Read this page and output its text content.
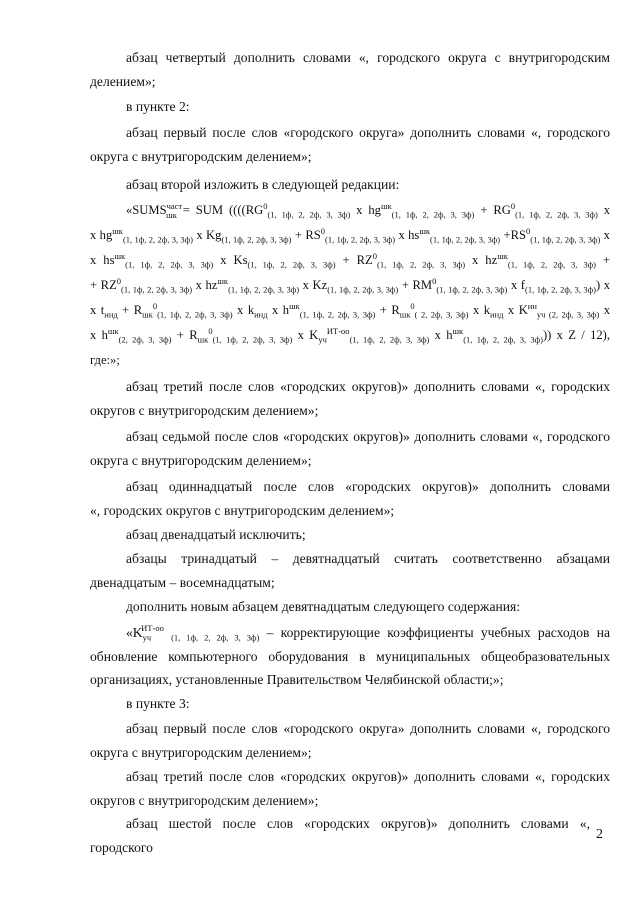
абзац четвертый дополнить словами «, городского округа с внутригородским
делением»;

в пункте 2:

абзац первый после слов «городского округа» дополнить словами «, городского
округа с внутригородским делением»;

абзац второй изложить в следующей редакции:

«$SUMS^{част}_{шк}$ = SUM (((($RG^0_{(1, 1ф, 2, 2ф, 3, 3ф)}$ x $hg^{шк}_{(1, 1ф, 2, 2ф, 3, 3ф)} + RG^0_{(1, 1ф, 2, 2ф, 3, 3ф)}$ x
x $hg^{шк}_{(1, 1ф, 2, 2ф, 3, 3ф)}$ x $Kg_{(1, 1ф, 2, 2ф, 3, 3ф)} + RS^0_{(1, 1ф, 2, 2ф, 3, 3ф)}$ x $hs^{шк}_{(1, 1ф, 2, 2ф, 3, 3ф)} +RS^0_{(1, 1ф, 2, 2ф, 3, 3ф)}$ x
x $hs^{шк}_{(1, 1ф, 2, 2ф, 3, 3ф)}$ x $Ks_{(1, 1ф, 2, 2ф, 3, 3ф)} + RZ^0_{(1, 1ф, 2, 2ф, 3, 3ф)}$ x $hz^{шк}_{(1, 1ф, 2, 2ф, 3, 3ф)}$ +
+ $RZ^0_{(1, 1ф, 2, 2ф, 3, 3ф)}$ x $hz^{шк}_{(1, 1ф, 2, 2ф, 3, 3ф)}$ x $Kz_{(1, 1ф, 2, 2ф, 3, 3ф)} + RM^0_{(1, 1ф, 2, 2ф, 3, 3ф)}$ x $f_{(1, 1ф, 2, 2ф, 3, 3ф)}$) x
x $t_{инд} + R_{шк}^0_{(1, 1ф, 2, 2ф, 3, 3ф)}$ x $k_{инд}$ x $h^{шк}_{(1, 1ф, 2, 2ф, 3, 3ф)} + R_{шк}^0_{( 2, 2ф, 3, 3ф)}$ x $k_{инд}$ x $K^{ин}_{уч (2, 2ф, 3, 3ф)}$ x
x $h^{шк}_{(2, 2ф, 3, 3ф)} + R_{шк}^0_{(1, 1ф, 2, 2ф, 3, 3ф)}$ x $K_{уч}^{ИТ-оо}_{(1, 1ф, 2, 2ф, 3, 3ф)}$ x $h^{шк}_{(1, 1ф, 2, 2ф, 3, 3ф)}$)) x Z / 12),
где:»;

абзац третий после слов «городских округов)» дополнить словами «, городских
округов с внутригородским делением»;

абзац седьмой после слов «городских округов)» дополнить словами «, городского
округа с внутригородским делением»;

абзац одиннадцатый после слов «городских округов)» дополнить словами
«, городских округов с внутригородским делением»;

абзац двенадцатый исключить;

абзацы тринадцатый – девятнадцатый считать соответственно абзацами
двенадцатым – восемнадцатым;

дополнить новым абзацем девятнадцатым следующего содержания:

«$K_{уч}^{ИТ-оо}$ $_{(1, 1ф, 2, 2ф, 3, 3ф)}$ – корректирующие коэффициенты учебных расходов на
обновление компьютерного оборудования в муниципальных общеобразовательных
организациях, установленные Правительством Челябинской области;»;

в пункте 3:

абзац первый после слов «городского округа» дополнить словами «, городского
округа с внутригородским делением»;

абзац третий после слов «городских округов)» дополнить словами «, городских
округов с внутригородским делением»;

абзац шестой после слов «городских округов)» дополнить словами «, городского

2
